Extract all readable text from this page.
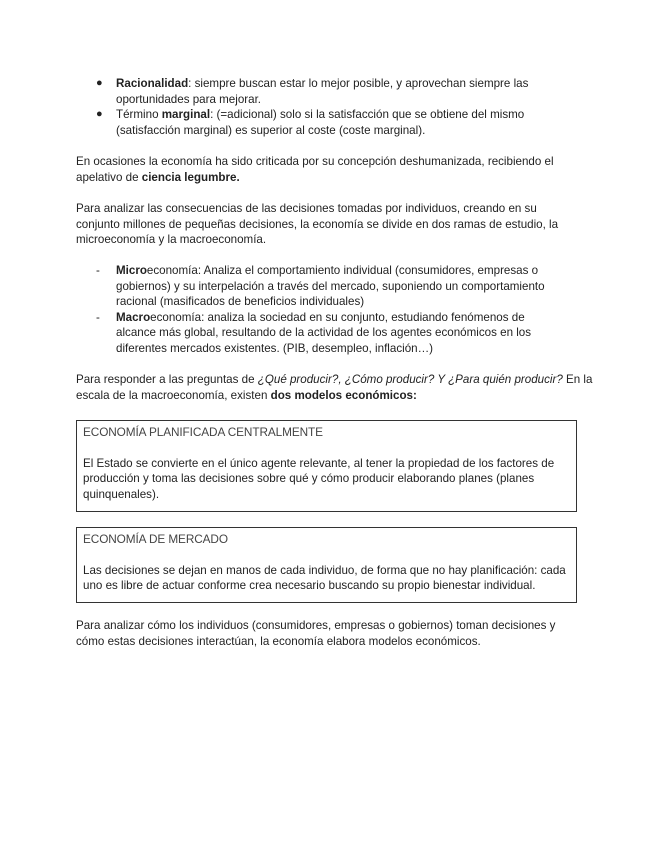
● Racionalidad: siempre buscan estar lo mejor posible, y aprovechan siempre las oportunidades para mejorar.

● Término marginal: (=adicional) solo si la satisfacción que se obtiene del mismo (satisfacción marginal) es superior al coste (coste marginal).

En ocasiones la economía ha sido criticada por su concepción deshumanizada, recibiendo el apelativo de ciencia legumbre.

Para analizar las consecuencias de las decisiones tomadas por individuos, creando en su conjunto millones de pequeñas decisiones, la economía se divide en dos ramas de estudio, la microeconomía y la macroeconomía.

- Microeconomía: Analiza el comportamiento individual (consumidores, empresas o gobiernos) y su interpelación a través del mercado, suponiendo un comportamiento racional (masificados de beneficios individuales)

- Macroeconomía: analiza la sociedad en su conjunto, estudiando fenómenos de alcance más global, resultando de la actividad de los agentes económicos en los diferentes mercados existentes. (PIB, desempleo, inflación…)

Para responder a las preguntas de ¿Qué producir?, ¿Cómo producir? Y ¿Para quién producir? En la escala de la macroeconomía, existen dos modelos económicos:

ECONOMÍA PLANIFICADA CENTRALMENTE

El Estado se convierte en el único agente relevante, al tener la propiedad de los factores de producción y toma las decisiones sobre qué y cómo producir elaborando planes (planes quinquenales).

ECONOMÍA DE MERCADO

Las decisiones se dejan en manos de cada individuo, de forma que no hay planificación: cada uno es libre de actuar conforme crea necesario buscando su propio bienestar individual.

Para analizar cómo los individuos (consumidores, empresas o gobiernos) toman decisiones y cómo estas decisiones interactúan, la economía elabora modelos económicos.
